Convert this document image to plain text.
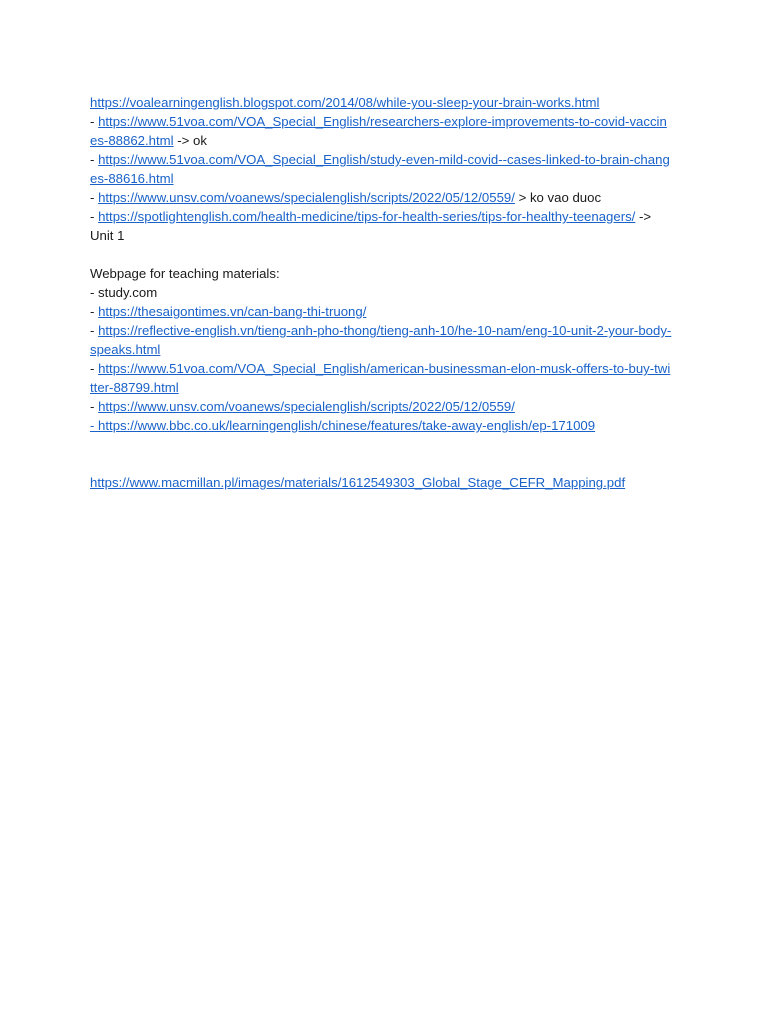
https://voalearningenglish.blogspot.com/2014/08/while-you-sleep-your-brain-works.html
- https://www.51voa.com/VOA_Special_English/researchers-explore-improvements-to-covid-vaccines-88862.html -> ok
- https://www.51voa.com/VOA_Special_English/study-even-mild-covid--cases-linked-to-brain-changes-88616.html
- https://www.unsv.com/voanews/specialenglish/scripts/2022/05/12/0559/ > ko vao duoc
- https://spotlightenglish.com/health-medicine/tips-for-health-series/tips-for-healthy-teenagers/ -> Unit 1
Webpage for teaching materials:
- study.com
- https://thesaigontimes.vn/can-bang-thi-truong/
- https://reflective-english.vn/tieng-anh-pho-thong/tieng-anh-10/he-10-nam/eng-10-unit-2-your-body-speaks.html
- https://www.51voa.com/VOA_Special_English/american-businessman-elon-musk-offers-to-buy-twitter-88799.html
- https://www.unsv.com/voanews/specialenglish/scripts/2022/05/12/0559/
- https://www.bbc.co.uk/learningenglish/chinese/features/take-away-english/ep-171009
https://www.macmillan.pl/images/materials/1612549303_Global_Stage_CEFR_Mapping.pdf
